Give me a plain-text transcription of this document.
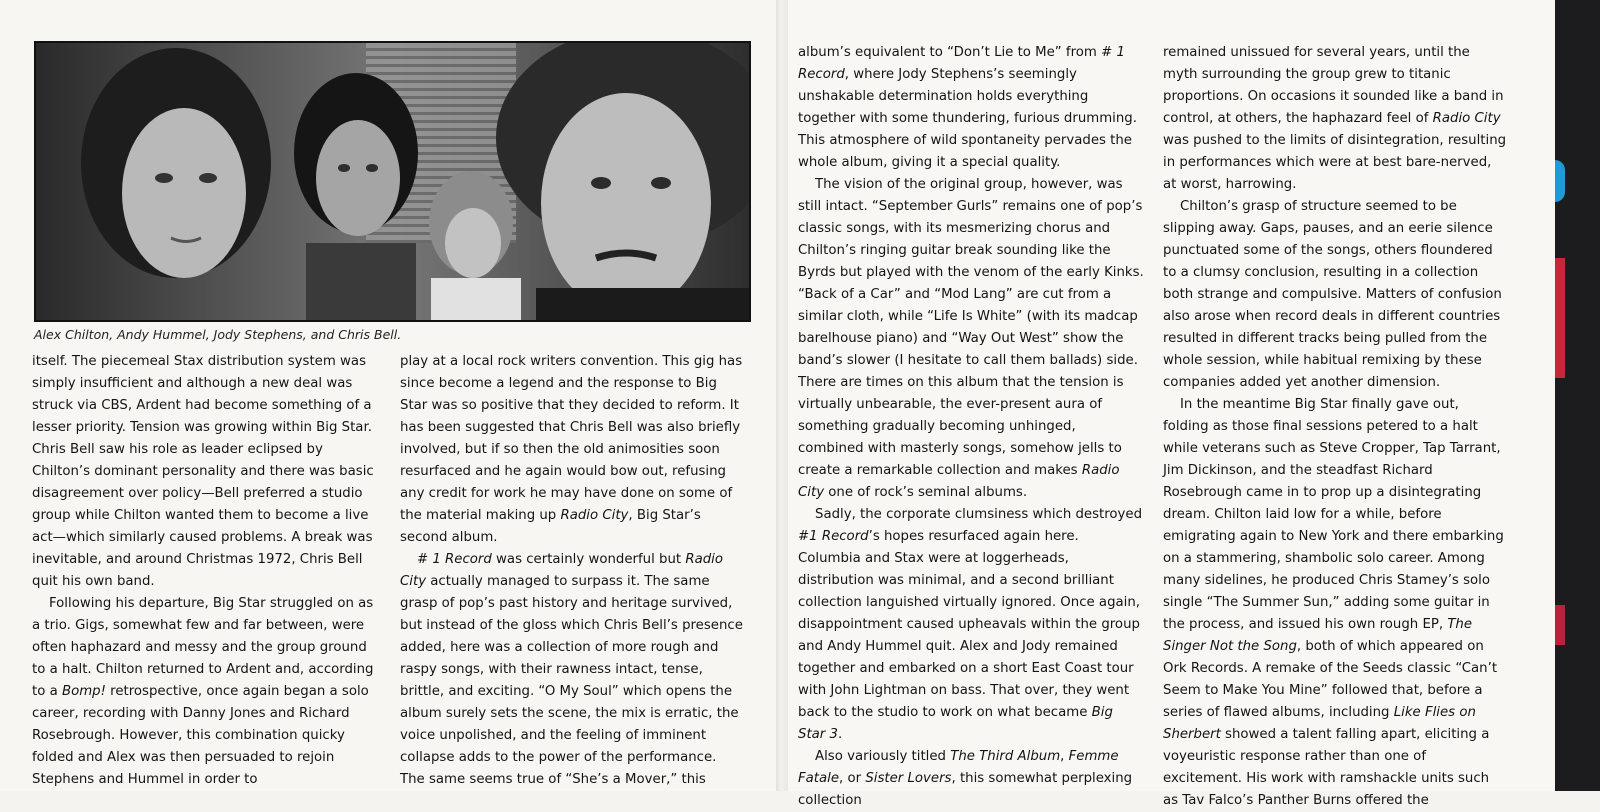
Alex Chilton, Andy Hummel, Jody Stephens, and Chris Bell.

itself. The piecemeal Stax distribution system was simply insufficient and although a new deal was struck via CBS, Ardent had become something of a lesser priority. Tension was growing within Big Star. Chris Bell saw his role as leader eclipsed by Chilton’s dominant personality and there was basic disagreement over policy—Bell preferred a studio group while Chilton wanted them to become a live act—which similarly caused problems. A break was inevitable, and around Christmas 1972, Chris Bell quit his own band.

Following his departure, Big Star struggled on as a trio. Gigs, somewhat few and far between, were often haphazard and messy and the group ground to a halt. Chilton returned to Ardent and, according to a Bomp! retrospective, once again began a solo career, recording with Danny Jones and Richard Rosebrough. However, this combination quicky folded and Alex was then persuaded to rejoin Stephens and Hummel in order to

play at a local rock writers convention. This gig has since become a legend and the response to Big Star was so positive that they decided to reform. It has been suggested that Chris Bell was also briefly involved, but if so then the old animosities soon resurfaced and he again would bow out, refusing any credit for work he may have done on some of the material making up Radio City, Big Star’s second album.

# 1 Record was certainly wonderful but Radio City actually managed to surpass it. The same grasp of pop’s past history and heritage survived, but instead of the gloss which Chris Bell’s presence added, here was a collection of more rough and raspy songs, with their rawness intact, tense, brittle, and exciting. “O My Soul” which opens the album surely sets the scene, the mix is erratic, the voice unpolished, and the feeling of imminent collapse adds to the power of the performance. The same seems true of “She’s a Mover,” this

album’s equivalent to “Don’t Lie to Me” from # 1 Record, where Jody Stephens’s seemingly unshakable determination holds everything together with some thundering, furious drumming. This atmosphere of wild spontaneity pervades the whole album, giving it a special quality.

The vision of the original group, however, was still intact. “September Gurls” remains one of pop’s classic songs, with its mesmerizing chorus and Chilton’s ringing guitar break sounding like the Byrds but played with the venom of the early Kinks. “Back of a Car” and “Mod Lang” are cut from a similar cloth, while “Life Is White” (with its madcap barelhouse piano) and “Way Out West” show the band’s slower (I hesitate to call them ballads) side. There are times on this album that the tension is virtually unbearable, the ever-present aura of something gradually becoming unhinged, combined with masterly songs, somehow jells to create a remarkable collection and makes Radio City one of rock’s seminal albums.

Sadly, the corporate clumsiness which destroyed #1 Record’s hopes resurfaced again here. Columbia and Stax were at loggerheads, distribution was minimal, and a second brilliant collection languished virtually ignored. Once again, disappointment caused upheavals within the group and Andy Hummel quit. Alex and Jody remained together and embarked on a short East Coast tour with John Lightman on bass. That over, they went back to the studio to work on what became Big Star 3.

Also variously titled The Third Album, Femme Fatale, or Sister Lovers, this somewhat perplexing collection

remained unissued for several years, until the myth surrounding the group grew to titanic proportions. On occasions it sounded like a band in control, at others, the haphazard feel of Radio City was pushed to the limits of disintegration, resulting in performances which were at best bare-nerved, at worst, harrowing.

Chilton’s grasp of structure seemed to be slipping away. Gaps, pauses, and an eerie silence punctuated some of the songs, others floundered to a clumsy conclusion, resulting in a collection both strange and compulsive. Matters of confusion also arose when record deals in different countries resulted in different tracks being pulled from the whole session, while habitual remixing by these companies added yet another dimension.

In the meantime Big Star finally gave out, folding as those final sessions petered to a halt while veterans such as Steve Cropper, Tap Tarrant, Jim Dickinson, and the steadfast Richard Rosebrough came in to prop up a disintegrating dream. Chilton laid low for a while, before emigrating again to New York and there embarking on a stammering, shambolic solo career. Among many sidelines, he produced Chris Stamey’s solo single “The Summer Sun,” adding some guitar in the process, and issued his own rough EP, The Singer Not the Song, both of which appeared on Ork Records. A remake of the Seeds classic “Can’t Seem to Make You Mine” followed that, before a series of flawed albums, including Like Flies on Sherbert showed a talent falling apart, eliciting a voyeuristic response rather than one of excitement. His work with ramshackle units such as Tav Falco’s Panther Burns offered the
